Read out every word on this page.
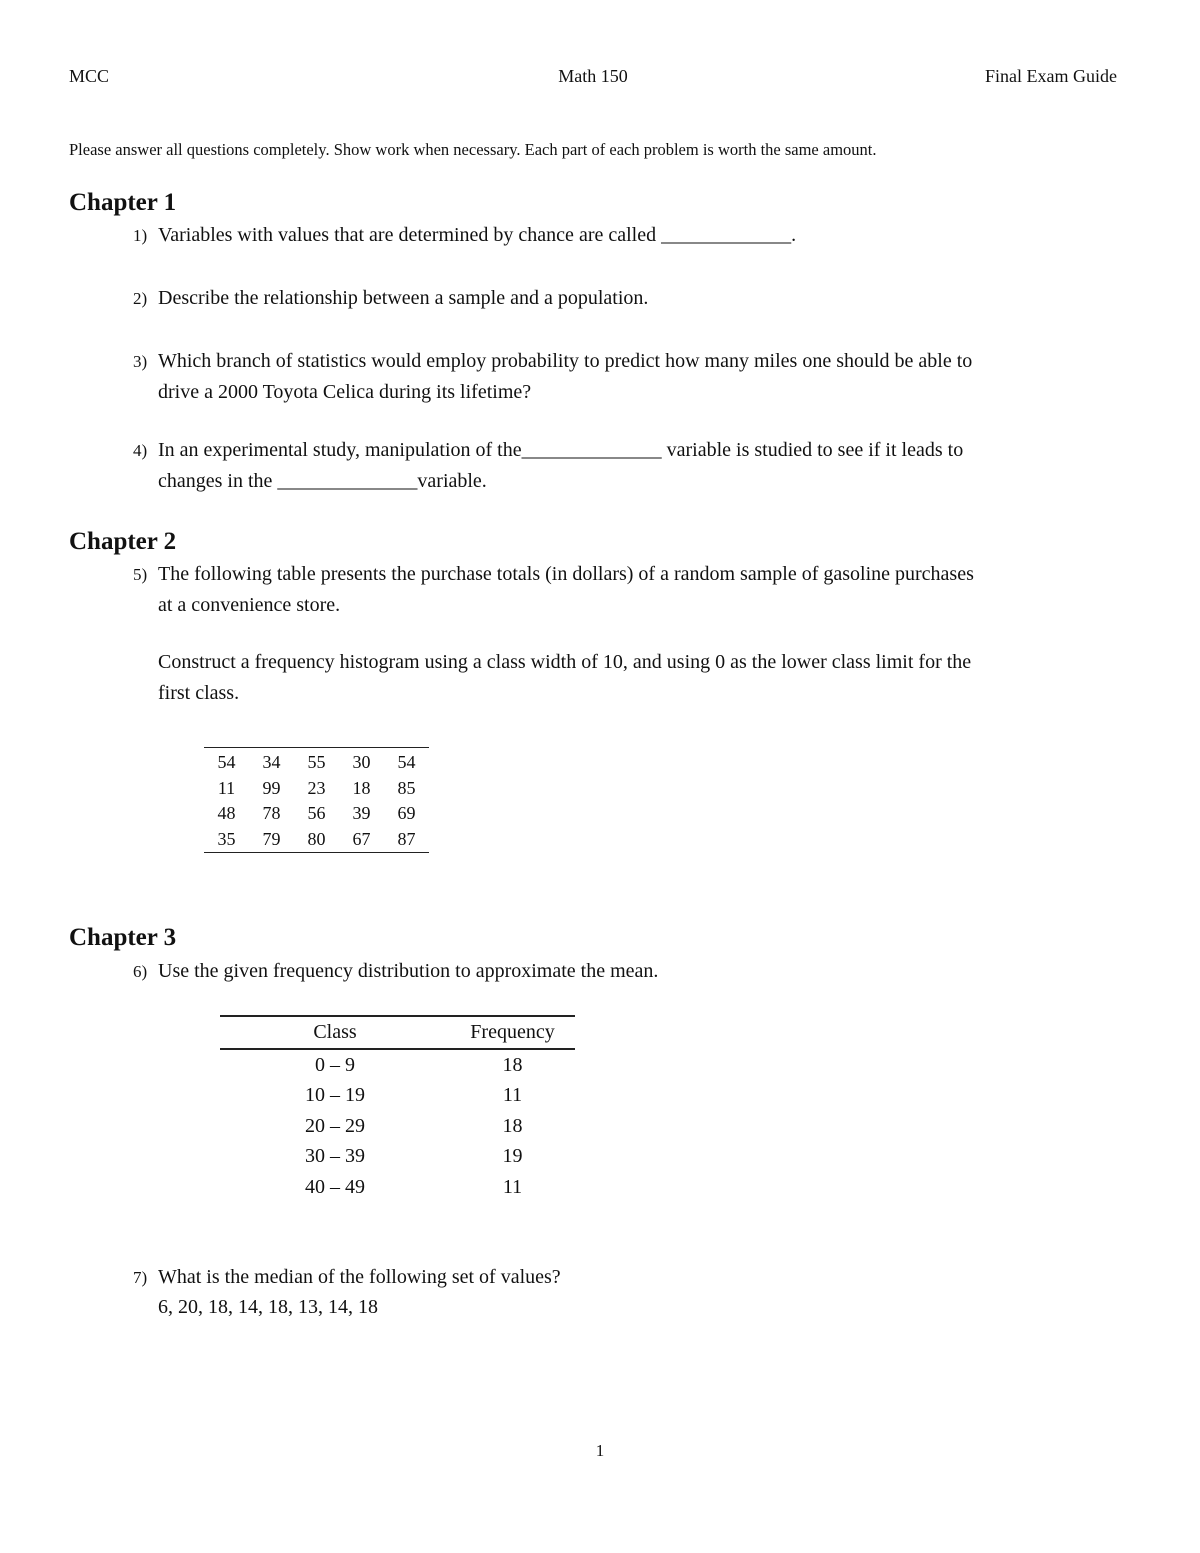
MCC	Math 150	Final Exam Guide
Please answer all questions completely. Show work when necessary. Each part of each problem is worth the same amount.
Chapter 1
1) Variables with values that are determined by chance are called _____________.
2) Describe the relationship between a sample and a population.
3) Which branch of statistics would employ probability to predict how many miles one should be able to
drive a 2000 Toyota Celica during its lifetime?
4) In an experimental study, manipulation of the______________ variable is studied to see if it leads to
changes in the ______________variable.
Chapter 2
5) The following table presents the purchase totals (in dollars) of a random sample of gasoline purchases
at a convenience store.
Construct a frequency histogram using a class width of 10, and using 0 as the lower class limit for the
first class.
54	34	55	30	54
11	99	23	18	85
48	78	56	39	69
35	79	80	67	87
Chapter 3
6) Use the given frequency distribution to approximate the mean.
Class	Frequency
0 – 9	18
10 – 19	11
20 – 29	18
30 – 39	19
40 – 49	11
7) What is the median of the following set of values?
6, 20, 18, 14, 18, 13, 14, 18
1
